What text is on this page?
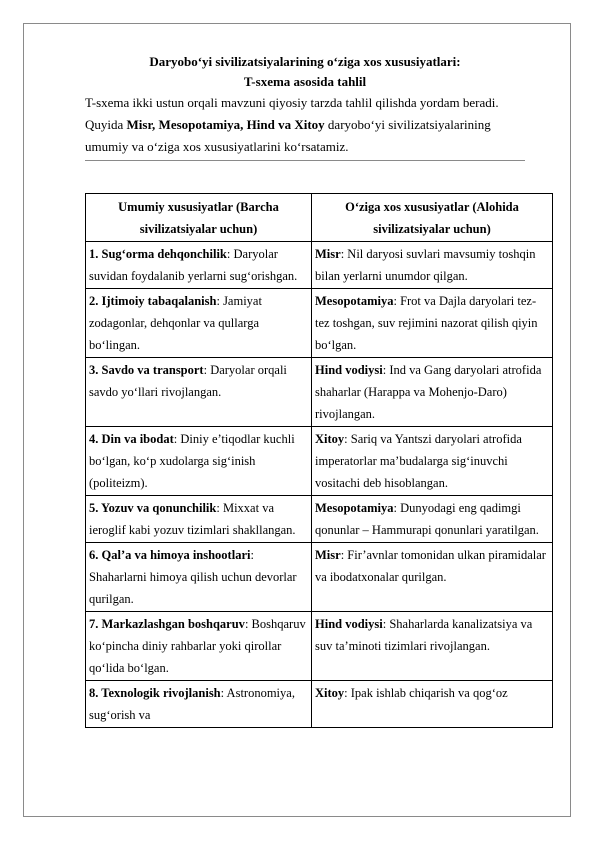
Daryobo‘yi sivilizatsiyalarining o‘ziga xos xususiyatlari:

T-sxema asosida tahlil

T-sxema ikki ustun orqali mavzuni qiyosiy tarzda tahlil qilishda yordam beradi.
Quyida Misr, Mesopotamiya, Hind va Xitoy daryobo‘yi sivilizatsiyalarining umumiy va o‘ziga xos xususiyatlarini ko‘rsatamiz.

Umumiy xususiyatlar (Barcha sivilizatsiyalar uchun)	O‘ziga xos xususiyatlar (Alohida sivilizatsiyalar uchun)
1. Sug‘orma dehqonchilik: Daryolar suvidan foydalanib yerlarni sug‘orishgan.	Misr: Nil daryosi suvlari mavsumiy toshqin bilan yerlarni unumdor qilgan.
2. Ijtimoiy tabaqalanish: Jamiyat zodagonlar, dehqonlar va qullarga bo‘lingan.	Mesopotamiya: Frot va Dajla daryolari tez-tez toshgan, suv rejimini nazorat qilish qiyin bo‘lgan.
3. Savdo va transport: Daryolar orqali savdo yo‘llari rivojlangan.	Hind vodiysi: Ind va Gang daryolari atrofida shaharlar (Harappa va Mohenjo-Daro) rivojlangan.
4. Din va ibodat: Diniy e’tiqodlar kuchli bo‘lgan, ko‘p xudolarga sig‘inish (politeizm).	Xitoy: Sariq va Yantszi daryolari atrofida imperatorlar ma’budalarga sig‘inuvchi vositachi deb hisoblangan.
5. Yozuv va qonunchilik: Mixxat va ieroglif kabi yozuv tizimlari shakllangan.	Mesopotamiya: Dunyodagi eng qadimgi qonunlar – Hammurapi qonunlari yaratilgan.
6. Qal’a va himoya inshootlari: Shaharlarni himoya qilish uchun devorlar qurilgan.	Misr: Fir’avnlar tomonidan ulkan piramidalar va ibodatxonalar qurilgan.
7. Markazlashgan boshqaruv: Boshqaruv ko‘pincha diniy rahbarlar yoki qirollar qo‘lida bo‘lgan.	Hind vodiysi: Shaharlarda kanalizatsiya va suv ta’minoti tizimlari rivojlangan.
8. Texnologik rivojlanish: Astronomiya, sug‘orish va	Xitoy: Ipak ishlab chiqarish va qog‘oz
